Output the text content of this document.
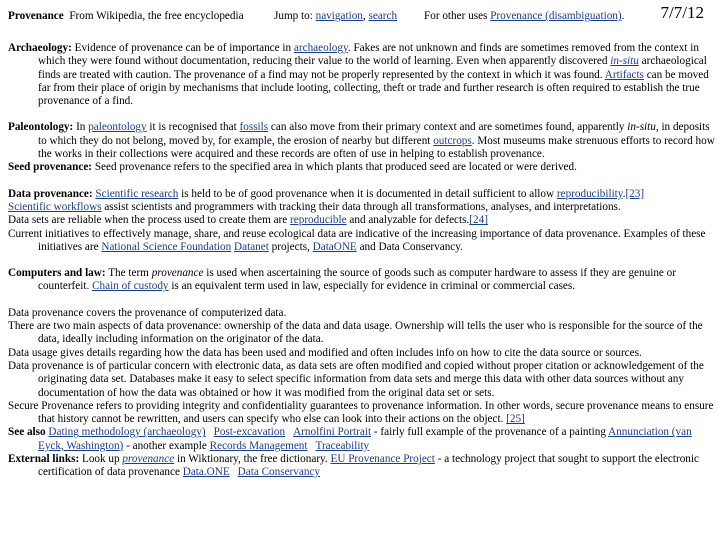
Provenance From Wikipedia, the free encyclopedia	Jump to: navigation, search For other uses Provenance (disambiguation). 7/7/12

Archaeology: Evidence of provenance can be of importance in archaeology. Fakes are not unknown and finds are sometimes removed from the context in which they were found without documentation, reducing their value to the world of learning. Even when apparently discovered in-situ archaeological finds are treated with caution. The provenance of a find may not be properly represented by the context in which it was found. Artifacts can be moved far from their place of origin by mechanisms that include looting, collecting, theft or trade and further research is often required to establish the true provenance of a find.

Paleontology: In paleontology it is recognised that fossils can also move from their primary context and are sometimes found, apparently in-situ, in deposits to which they do not belong, moved by, for example, the erosion of nearby but different outcrops. Most museums make strenuous efforts to record how the works in their collections were acquired and these records are often of use in helping to establish provenance.

Seed provenance: Seed provenance refers to the specified area in which plants that produced seed are located or were derived.

Data provenance: Scientific research is held to be of good provenance when it is documented in detail sufficient to allow reproducibility.[23]

Scientific workflows assist scientists and programmers with tracking their data through all transformations, analyses, and interpretations.

Data sets are reliable when the process used to create them are reproducible and analyzable for defects.[24]

Current initiatives to effectively manage, share, and reuse ecological data are indicative of the increasing importance of data provenance. Examples of these initiatives are National Science Foundation Datanet projects, DataONE and Data Conservancy.

Computers and law: The term provenance is used when ascertaining the source of goods such as computer hardware to assess if they are genuine or counterfeit. Chain of custody is an equivalent term used in law, especially for evidence in criminal or commercial cases.

Data provenance covers the provenance of computerized data.

There are two main aspects of data provenance: ownership of the data and data usage. Ownership will tells the user who is responsible for the source of the data, ideally including information on the originator of the data.

Data usage gives details regarding how the data has been used and modified and often includes info on how to cite the data source or sources.

Data provenance is of particular concern with electronic data, as data sets are often modified and copied without proper citation or acknowledgement of the originating data set. Databases make it easy to select specific information from data sets and merge this data with other data sources without any documentation of how the data was obtained or how it was modified from the original data set or sets.

Secure Provenance refers to providing integrity and confidentiality guarantees to provenance information. In other words, secure provenance means to ensure that history cannot be rewritten, and users can specify who else can look into their actions on the object. [25]

See also Dating methodology (archaeology) Post-excavation Arnolfini Portrait - fairly full example of the provenance of a painting Annunciation (van Eyck, Washington) - another example Records Management Traceability

External links: Look up provenance in Wiktionary, the free dictionary. EU Provenance Project - a technology project that sought to support the electronic certification of data provenance Data.ONE Data Conservancy
